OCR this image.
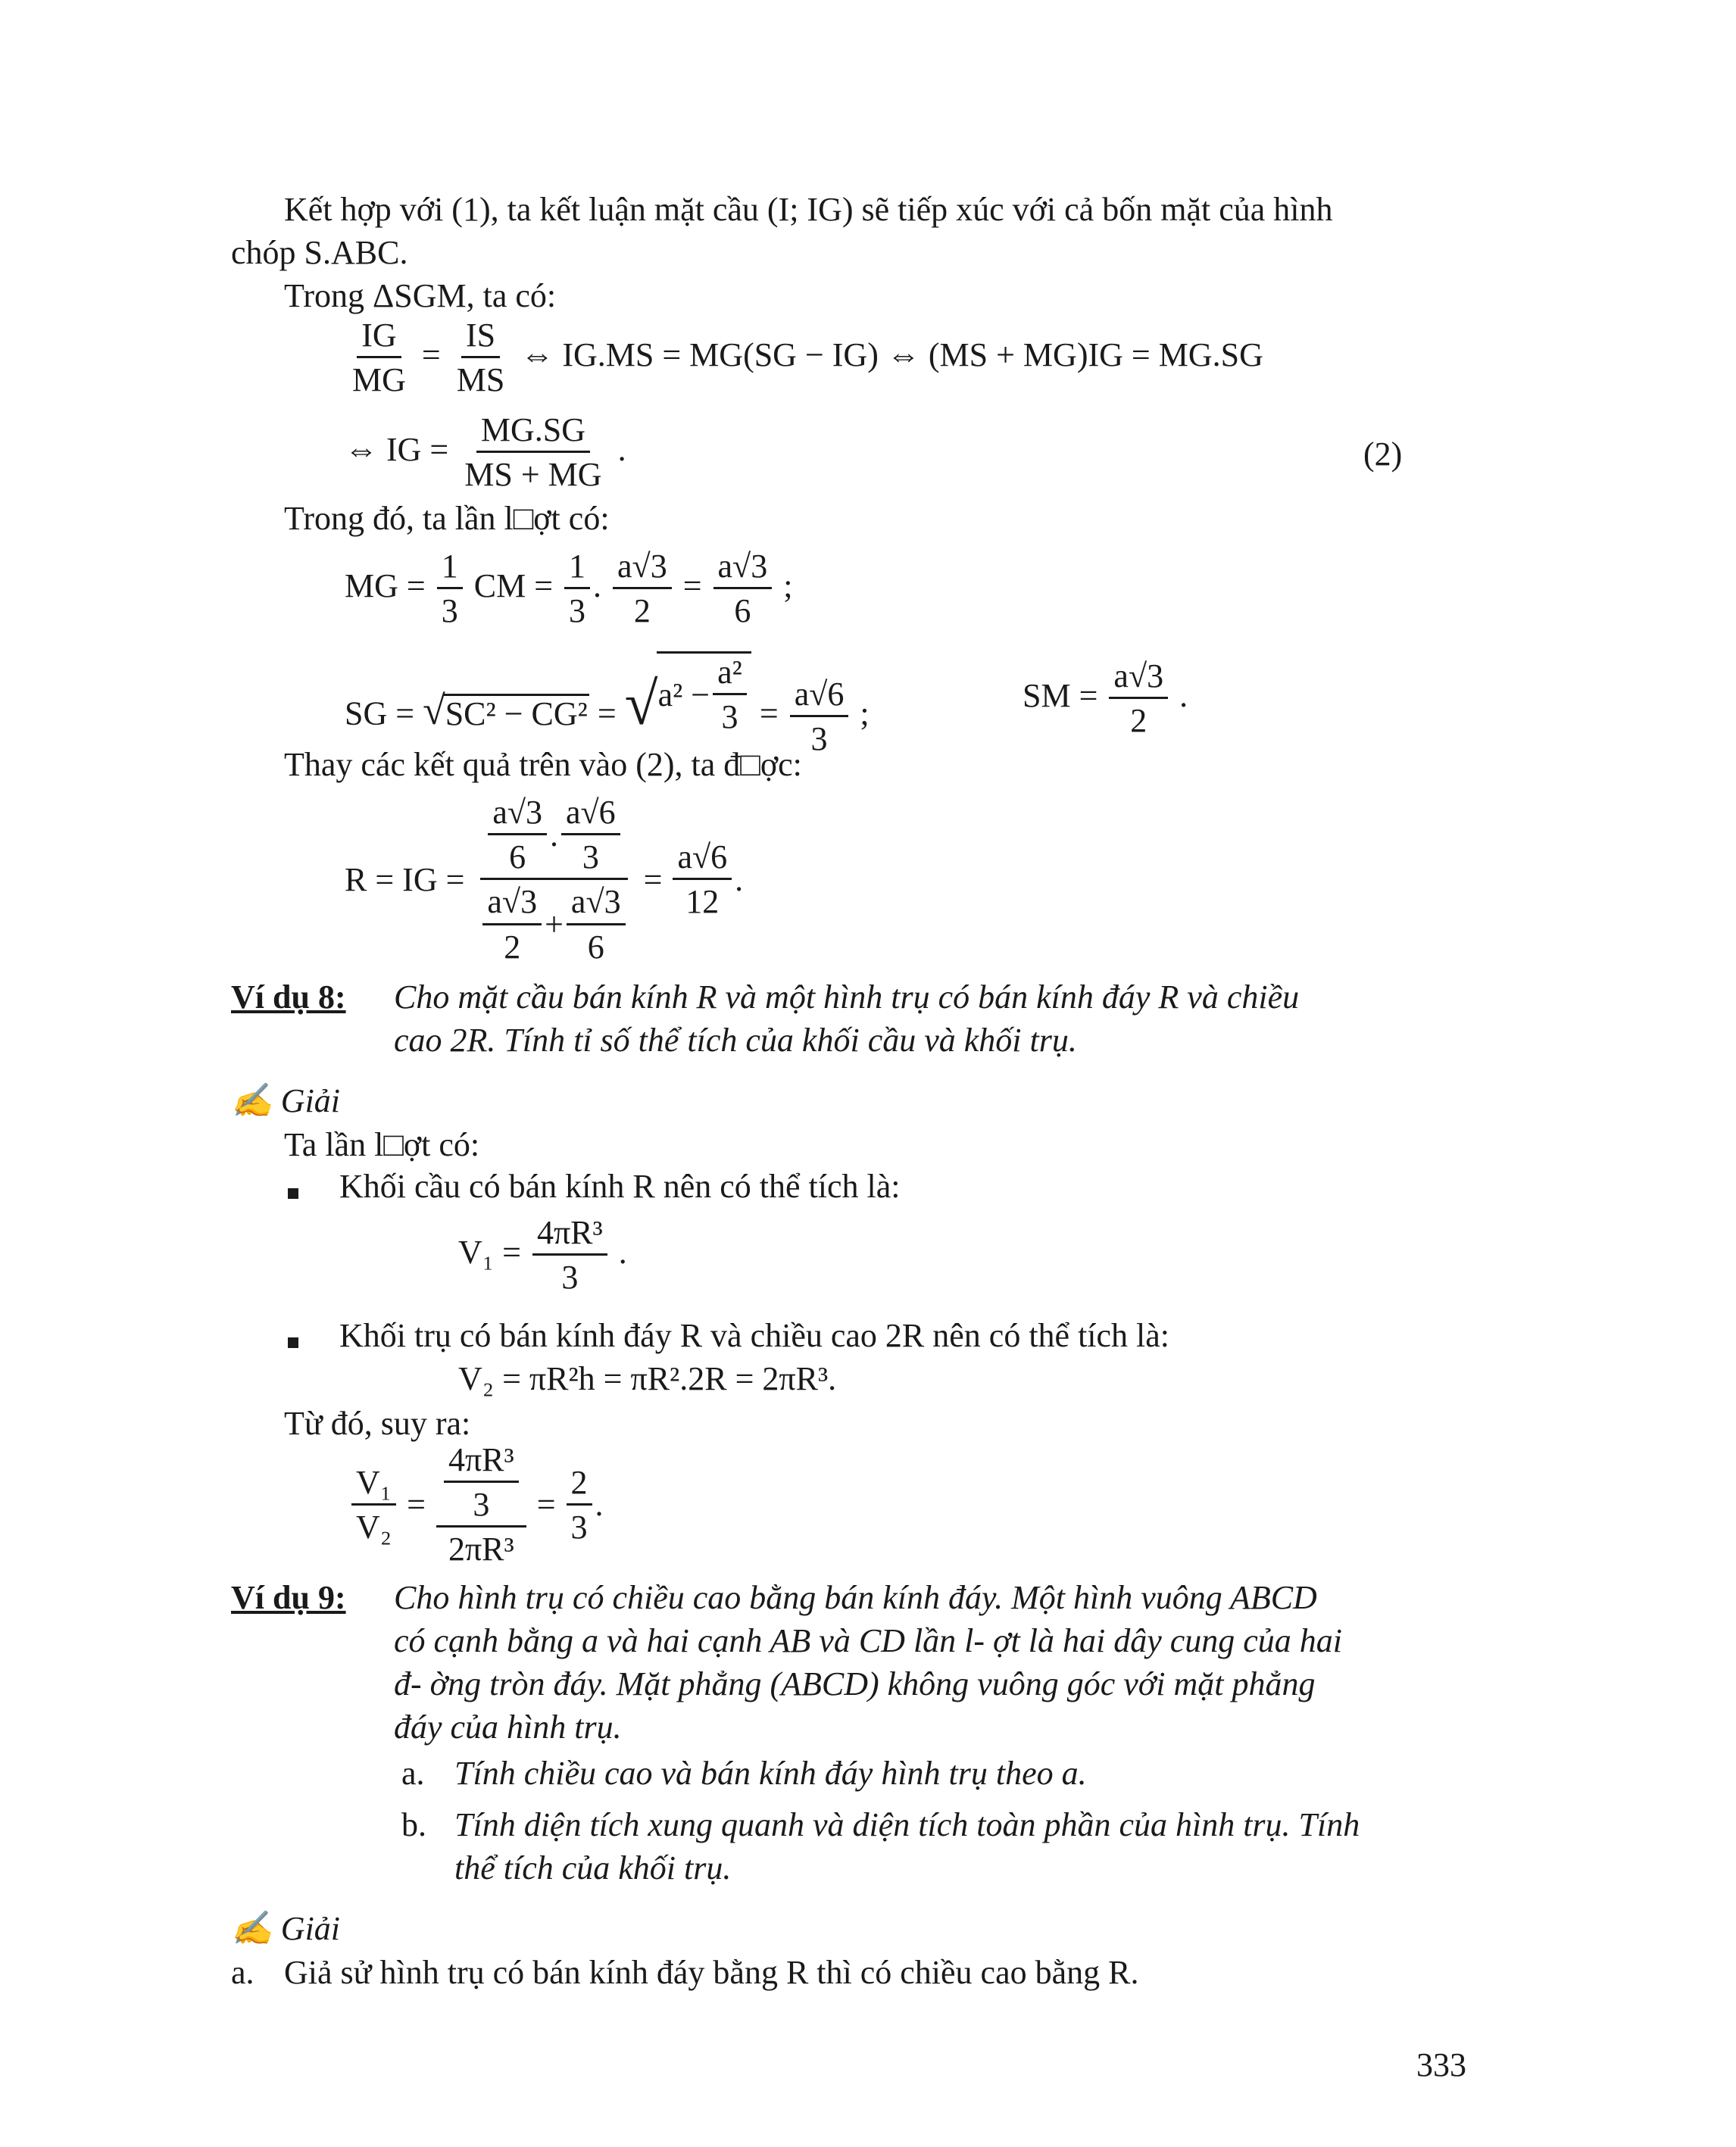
Kết hợp với (1), ta kết luận mặt cầu (I; IG) sẽ tiếp xúc với cả bốn mặt của hình
chóp S.ABC.
Trong ΔSGM, ta có:
$\frac{IG}{MG} = \frac{IS}{MS}$ ⇔ IG.MS = MG(SG − IG) ⇔ (MS + MG)IG = MG.SG
⇔ IG = $\frac{MG.SG}{MS + MG}$ .	(2)
Trong đó, ta lần l□ợt có:
MG = $\frac{1}{3}$ CM = $\frac{1}{3}$ . $\frac{a√3}{2} = \frac{a√3}{6}$ ;
SG = √ SC² − CG² = √ $a^2 - \frac{\text{a²}}{3} = \frac{a√6}{3}$ ;	SM = $\frac{a√3}{2}$ .
Thay các kết quả trên vào (2), ta đ□ợc:
R = IG = $\frac{\frac{a√3}{6} . \frac{a√6}{3}}{\frac{a√3}{2} + \frac{a√3}{6}} = \frac{a√6}{12}$ .
Ví dụ 8: Cho mặt cầu bán kính R và một hình trụ có bán kính đáy R và chiều
cao 2R. Tính tỉ số thể tích của khối cầu và khối trụ.
✍ Giải
Ta lần l□ợt có:
Khối cầu có bán kính R nên có thể tích là:
$V_1 = \frac{\text{4πR³}}{3}$ .
Khối trụ có bán kính đáy R và chiều cao 2R nên có thể tích là:
V₂ = πR²h = πR².2R = 2πR³.
Từ đó, suy ra:
$\frac{\text{V₁}}{\text{V₂}} = \frac{\frac{\text{4πR³}}{3}}{\text{2πR³}} = \frac{2}{3}$ .
Ví dụ 9: Cho hình trụ có chiều cao bằng bán kính đáy. Một hình vuông ABCD
có cạnh bằng a và hai cạnh AB và CD lần l- ợt là hai dây cung của hai
đ- ờng tròn đáy. Mặt phẳng (ABCD) không vuông góc với mặt phẳng
đáy của hình trụ.
a. Tính chiều cao và bán kính đáy hình trụ theo a.
b. Tính diện tích xung quanh và diện tích toàn phần của hình trụ. Tính
thể tích của khối trụ.
✍ Giải
a. Giả sử hình trụ có bán kính đáy bằng R thì có chiều cao bằng R.
333
